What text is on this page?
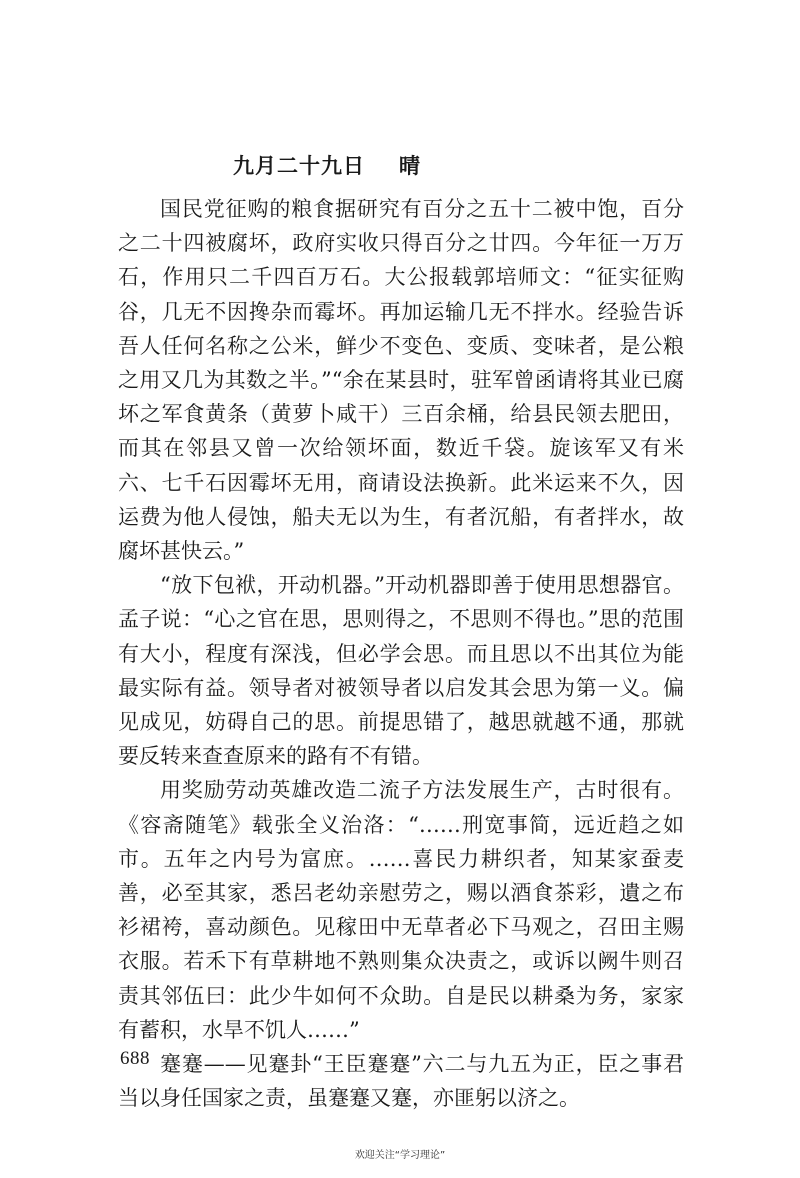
九月二十九日 晴

国民党征购的粮食据研究有百分之五十二被中饱，百分之二十四被腐坏，政府实收只得百分之廿四。今年征一万万石，作用只二千四百万石。大公报载郭培师文：“征实征购谷，几无不因搀杂而霉坏。再加运输几无不拌水。经验告诉吾人任何名称之公米，鲜少不变色、变质、变味者，是公粮之用又几为其数之半。”“余在某县时，驻军曾函请将其业已腐坏之军食黄条（黄萝卜咸干）三百余桶，给县民领去肥田，而其在邻县又曾一次给领坏面，数近千袋。旋该军又有米六、七千石因霉坏无用，商请设法换新。此米运来不久，因运费为他人侵蚀，船夫无以为生，有者沉船，有者拌水，故腐坏甚快云。”

“放下包袱，开动机器。”开动机器即善于使用思想器官。孟子说：“心之官在思，思则得之，不思则不得也。”思的范围有大小，程度有深浅，但必学会思。而且思以不出其位为能最实际有益。领导者对被领导者以启发其会思为第一义。偏见成见，妨碍自己的思。前提思错了，越思就越不通，那就要反转来查查原来的路有不有错。

用奖励劳动英雄改造二流子方法发展生产，古时很有。《容斋随笔》载张全义治洛：“……刑宽事简，远近趋之如市。五年之内号为富庶。……喜民力耕织者，知某家蚕麦善，必至其家，悉呂老幼亲慰劳之，赐以酒食茶彩，遺之布衫裙袴，喜动颜色。见稼田中无草者必下马观之，召田主赐衣服。若禾下有草耕地不熟则集众决责之，或诉以阙牛则召责其邻伍曰：此少牛如何不众助。自是民以耕桑为务，家家有蓄积，水旱不饥人……”

蹇蹇——见蹇卦“王臣蹇蹇”六二与九五为正，臣之事君当以身任国家之责，虽蹇蹇又蹇，亦匪躬以济之。

688
欢迎关注“学习理论”
